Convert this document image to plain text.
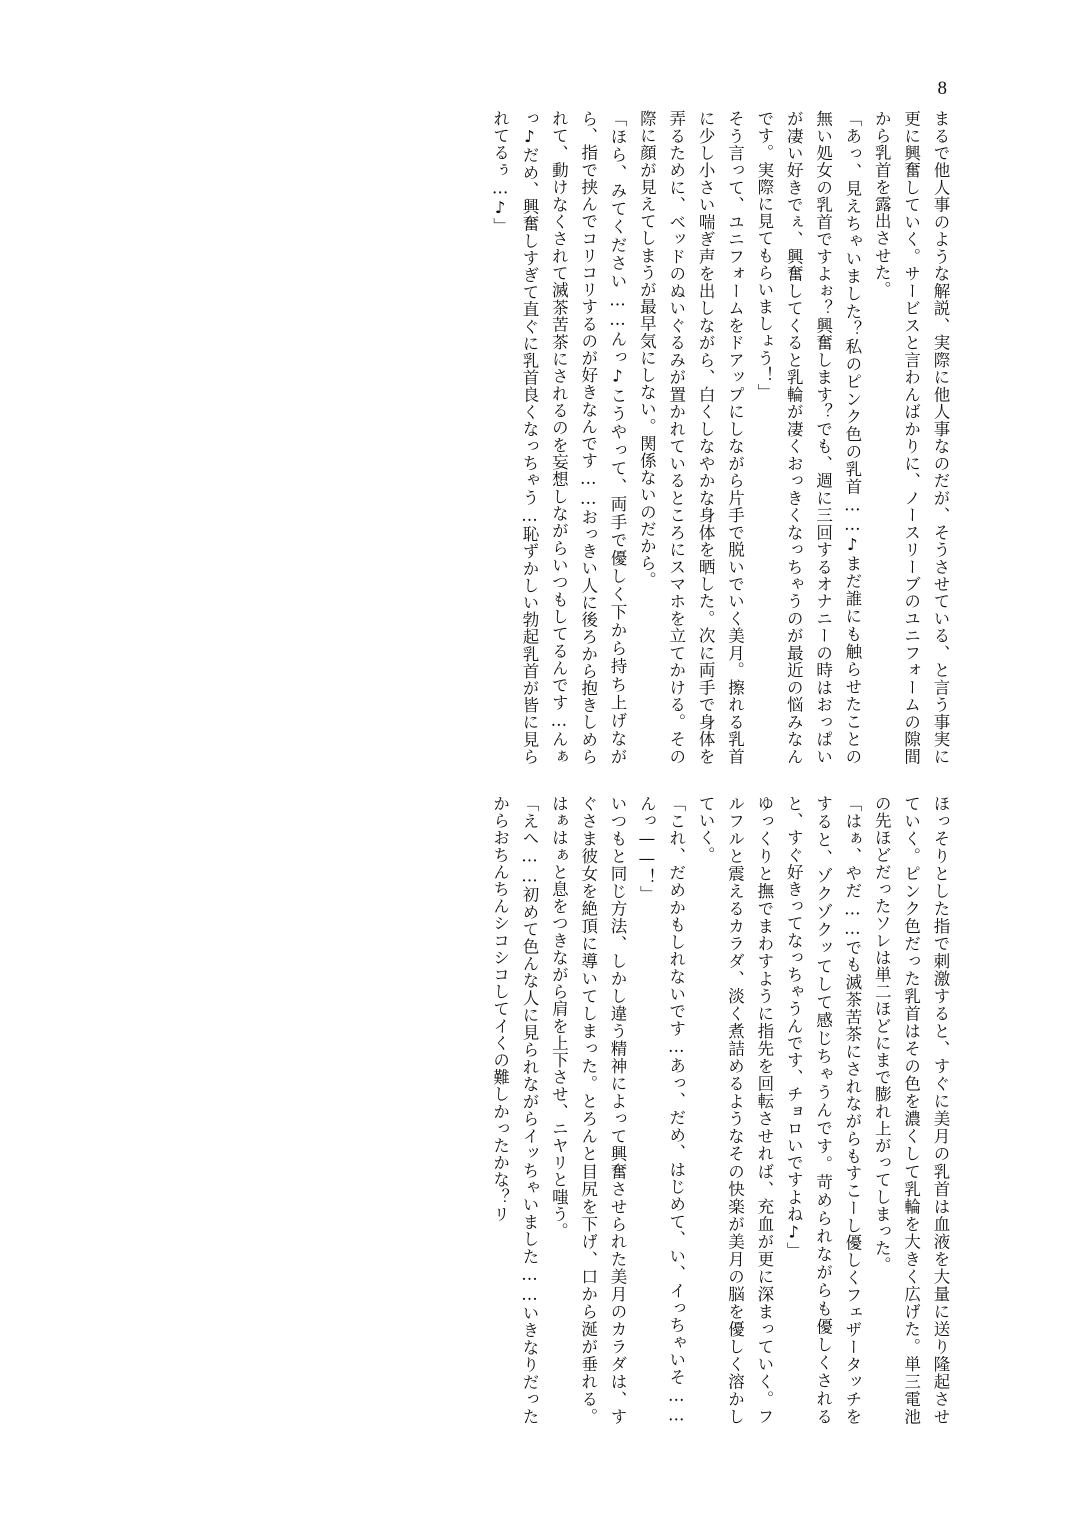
8

まるで他人事のような解説、実際に他人事なのだが、そうさせている、と言う事実に更に興奮していく。サービスと言わんばかりに、ノースリーブのユニフォームの隙間から乳首を露出させた。

「あっ、見えちゃいました？私のピンク色の乳首……♪まだ誰にも触らせたことの無い処女の乳首ですよぉ？興奮します？でも、週に三回するオナニーの時はおっぱいが凄い好きでぇ、興奮してくると乳輪が凄くおっきくなっちゃうのが最近の悩みなんです。実際に見てもらいましょう！」

そう言って、ユニフォームをドアップにしながら片手で脱いでいく美月。擦れる乳首に少し小さい喘ぎ声を出しながら、白くしなやかな身体を晒した。次に両手で身体を弄るために、ベッドのぬいぐるみが置かれているところにスマホを立てかける。その際に顔が見えてしまうが最早気にしない。関係ないのだから。

「ほら、みてください……んっ♪こうやって、両手で優しく下から持ち上げながら、指で挟んでコリコリするのが好きなんです……おっきい人に後ろから抱きしめられて、動けなくされて滅茶苦茶にされるのを妄想しながらいつもしてるんです…んぁっ♪だめ、興奮しすぎて直ぐに乳首良くなっちゃう…恥ずかしい勃起乳首が皆に見られてるぅ…♪」

ほっそりとした指で刺激すると、すぐに美月の乳首は血液を大量に送り隆起させていく。ピンク色だった乳首はその色を濃くして乳輪を大きく広げた。単三電池の先ほどだったソレは単二ほどにまで膨れ上がってしまった。

「はぁ、やだ……でも滅茶苦茶にされながらもすこーし優しくフェザータッチをすると、ゾクゾクッてして感じちゃうんです。苛められながらも優しくされると、すぐ好きってなっちゃうんです、チョロいですよね♪」

ゆっくりと撫でまわすように指先を回転させれば、充血が更に深まっていく。フルフルと震えるカラダ、淡く煮詰めるようなその快楽が美月の脳を優しく溶かしていく。

「これ、だめかもしれないです…あっ、だめ、はじめて、い、イっちゃいそ……んっ——！」

いつもと同じ方法、しかし違う精神によって興奮させられた美月のカラダは、すぐさま彼女を絶頂に導いてしまった。とろんと目尻を下げ、口から涎が垂れる。はぁはぁと息をつきながら肩を上下させ、ニヤリと嗤う。

「えへ……初めて色んな人に見られながらイッちゃいました……いきなりだったからおちんちんシコシコしてイくの難しかったかな？リ
